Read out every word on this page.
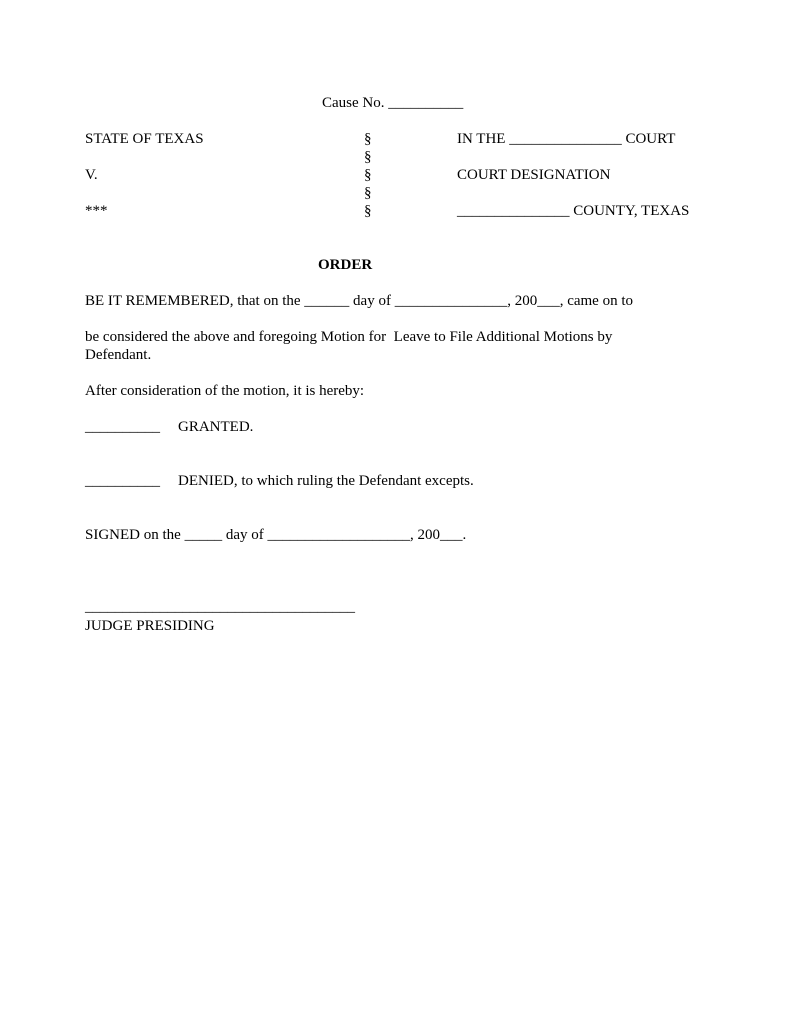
Cause No. __________
STATE OF TEXAS
V.
***
§
§
§
§
§
IN THE _______________ COURT
COURT DESIGNATION
_______________ COUNTY, TEXAS
ORDER
BE IT REMEMBERED, that on the ______ day of _______________, 200___, came on to
be considered the above and foregoing Motion for  Leave to File Additional Motions by
Defendant.
After consideration of the motion, it is hereby:
__________ GRANTED.
__________ DENIED, to which ruling the Defendant excepts.
SIGNED on the _____ day of ___________________, 200___.
____________________________________
JUDGE PRESIDING
